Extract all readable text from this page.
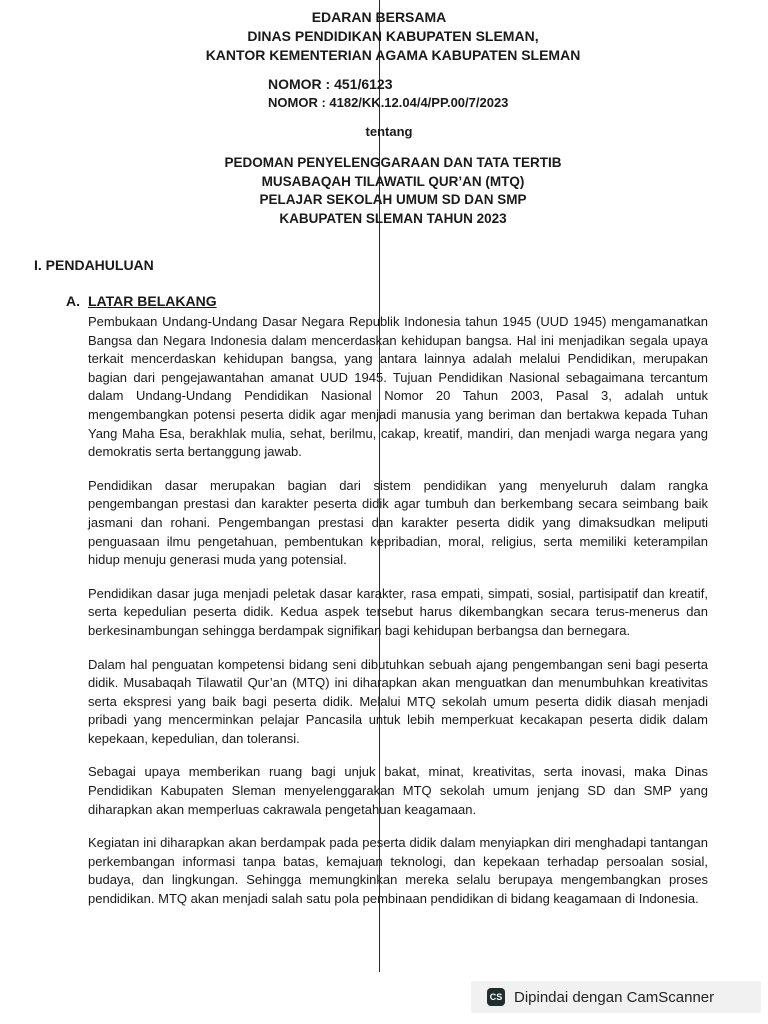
EDARAN BERSAMA
DINAS PENDIDIKAN KABUPATEN SLEMAN,
KANTOR KEMENTERIAN AGAMA KABUPATEN SLEMAN
NOMOR : 451/6123
NOMOR : 4182/KK.12.04/4/PP.00/7/2023
tentang
PEDOMAN PENYELENGGARAAN DAN TATA TERTIB
MUSABAQAH TILAWATIL QUR’AN (MTQ)
PELAJAR SEKOLAH UMUM SD DAN SMP
KABUPATEN SLEMAN TAHUN 2023
I. PENDAHULUAN
A. LATAR BELAKANG

Pembukaan Undang-Undang Dasar Negara Republik Indonesia tahun 1945 (UUD 1945) mengamanatkan Bangsa dan Negara Indonesia dalam mencerdaskan kehidupan bangsa. Hal ini menjadikan segala upaya terkait mencerdaskan kehidupan bangsa, yang antara lainnya adalah melalui Pendidikan, merupakan bagian dari pengejawantahan amanat UUD 1945. Tujuan Pendidikan Nasional sebagaimana tercantum dalam Undang-Undang Pendidikan Nasional Nomor 20 Tahun 2003, Pasal 3, adalah untuk mengembangkan potensi peserta didik agar menjadi manusia yang beriman dan bertakwa kepada Tuhan Yang Maha Esa, berakhlak mulia, sehat, berilmu, cakap, kreatif, mandiri, dan menjadi warga negara yang demokratis serta bertanggung jawab.

Pendidikan dasar merupakan bagian dari sistem pendidikan yang menyeluruh dalam rangka pengembangan prestasi dan karakter peserta didik agar tumbuh dan berkembang secara seimbang baik jasmani dan rohani. Pengembangan prestasi dan karakter peserta didik yang dimaksudkan meliputi penguasaan ilmu pengetahuan, pembentukan kepribadian, moral, religius, serta memiliki keterampilan hidup menuju generasi muda yang potensial.

Pendidikan dasar juga menjadi peletak dasar karakter, rasa empati, simpati, sosial, partisipatif dan kreatif, serta kepedulian peserta didik. Kedua aspek tersebut harus dikembangkan secara terus-menerus dan berkesinambungan sehingga berdampak signifikan bagi kehidupan berbangsa dan bernegara.

Dalam hal penguatan kompetensi bidang seni dibutuhkan sebuah ajang pengembangan seni bagi peserta didik. Musabaqah Tilawatil Qur’an (MTQ) ini diharapkan akan menguatkan dan menumbuhkan kreativitas serta ekspresi yang baik bagi peserta didik. Melalui MTQ sekolah umum peserta didik diasah menjadi pribadi yang mencerminkan pelajar Pancasila untuk lebih memperkuat kecakapan peserta didik dalam kepekaan, kepedulian, dan toleransi.

Sebagai upaya memberikan ruang bagi unjuk bakat, minat, kreativitas, serta inovasi, maka Dinas Pendidikan Kabupaten Sleman menyelenggarakan MTQ sekolah umum jenjang SD dan SMP yang diharapkan akan memperluas cakrawala pengetahuan keagamaan.

Kegiatan ini diharapkan akan berdampak pada peserta didik dalam menyiapkan diri menghadapi tantangan perkembangan informasi tanpa batas, kemajuan teknologi, dan kepekaan terhadap persoalan sosial, budaya, dan lingkungan. Sehingga memungkinkan mereka selalu berupaya mengembangkan proses pendidikan. MTQ akan menjadi salah satu pola pembinaan pendidikan di bidang keagamaan di Indonesia.

CS Dipindai dengan CamScanner
